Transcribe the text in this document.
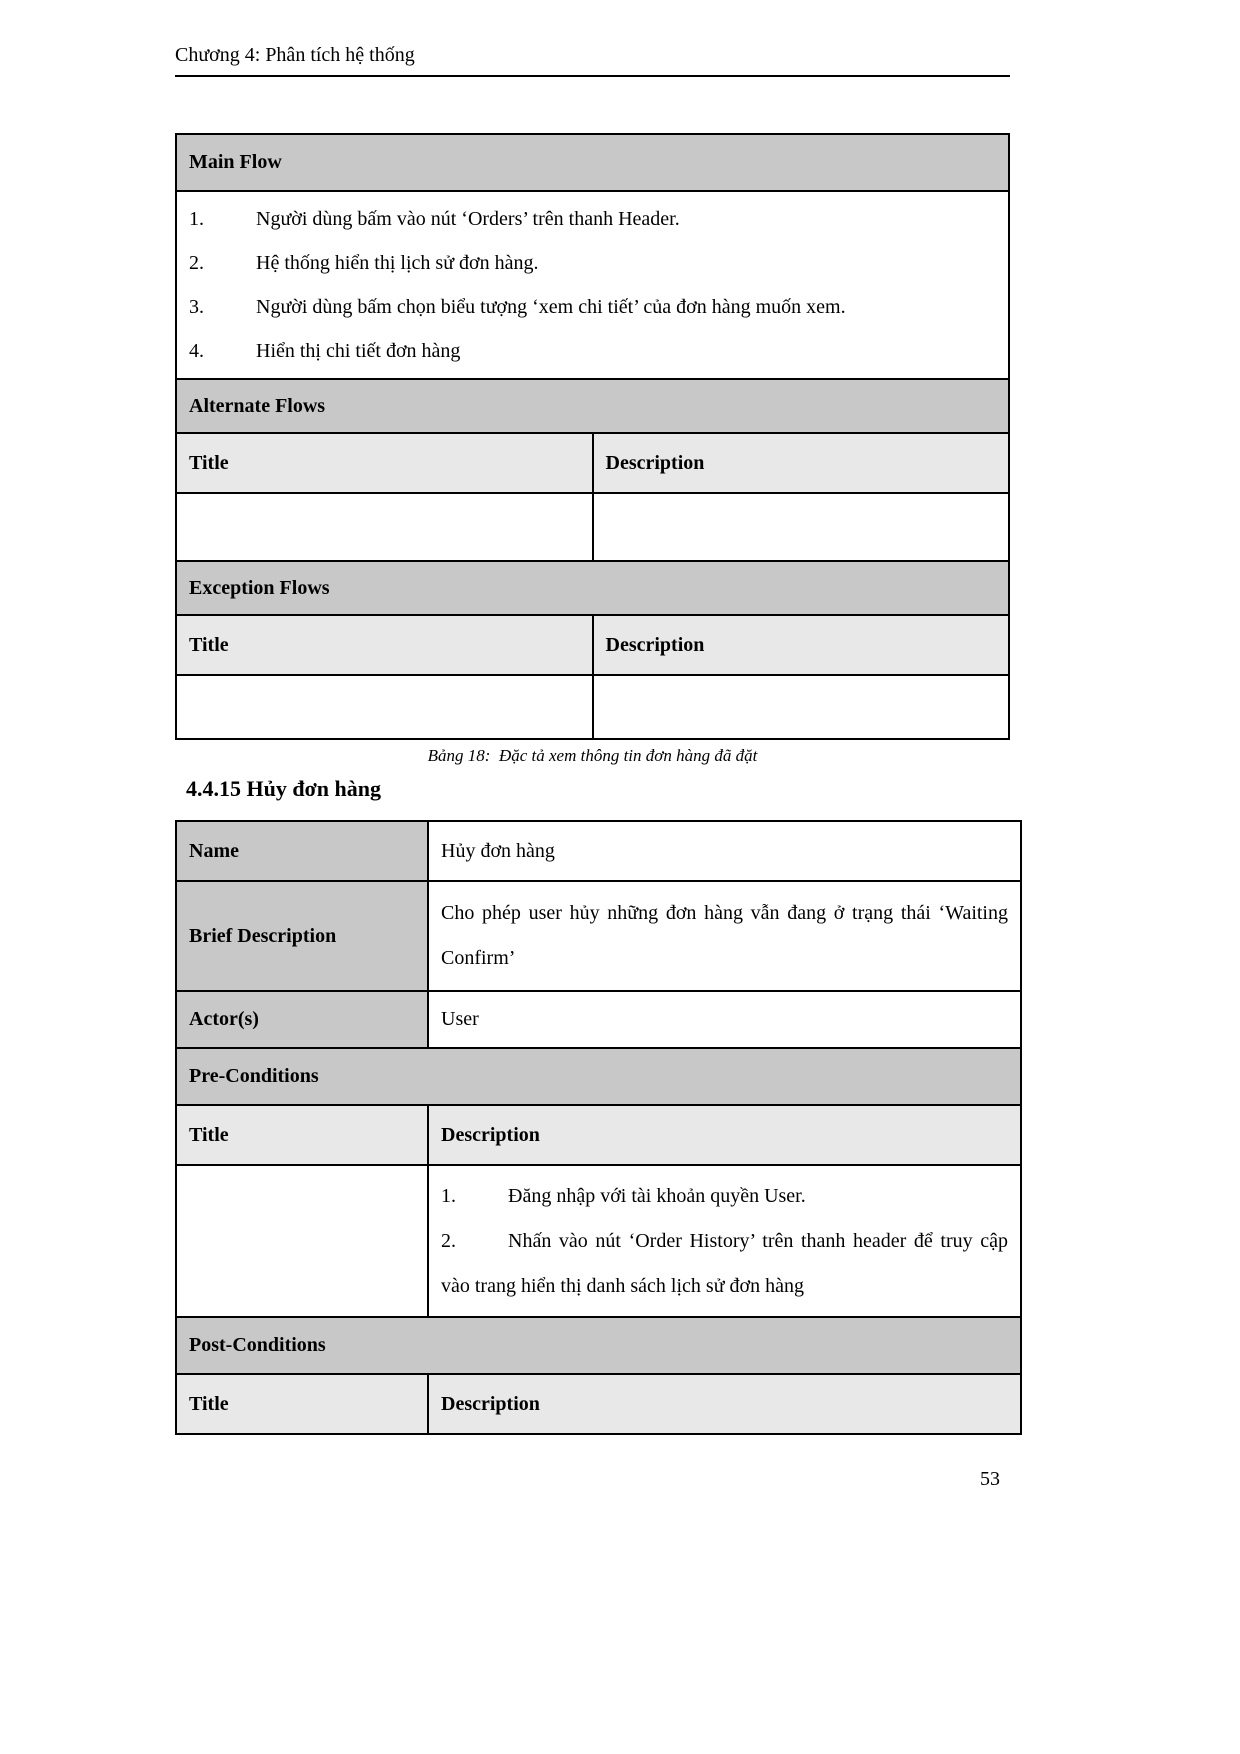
Chương 4: Phân tích hệ thống
Main Flow	

1. Người dùng bấm vào nút ‘Orders’ trên thanh Header.
2. Hệ thống hiển thị lịch sử đơn hàng.
3. Người dùng bấm chọn biểu tượng ‘xem chi tiết’ của đơn hàng muốn xem.
4. Hiển thị chi tiết đơn hàng	

Alternate Flows	
Title	Description

Exception Flows	
Title	Description

Bảng 18:  Đặc tả xem thông tin đơn hàng đã đặt
4.4.15 Hủy đơn hàng
Name	Hủy đơn hàng
Brief Description	Cho phép user hủy những đơn hàng vẫn đang ở trạng thái ‘Waiting Confirm’
Actor(s)	User
Pre-Conditions	
Title	Description

	1. Đăng nhập với tài khoản quyền User.
2. Nhấn vào nút ‘Order History’ trên thanh header để truy cập vào trang hiển thị danh sách lịch sử đơn hàng

Post-Conditions	
Title	Description
53
